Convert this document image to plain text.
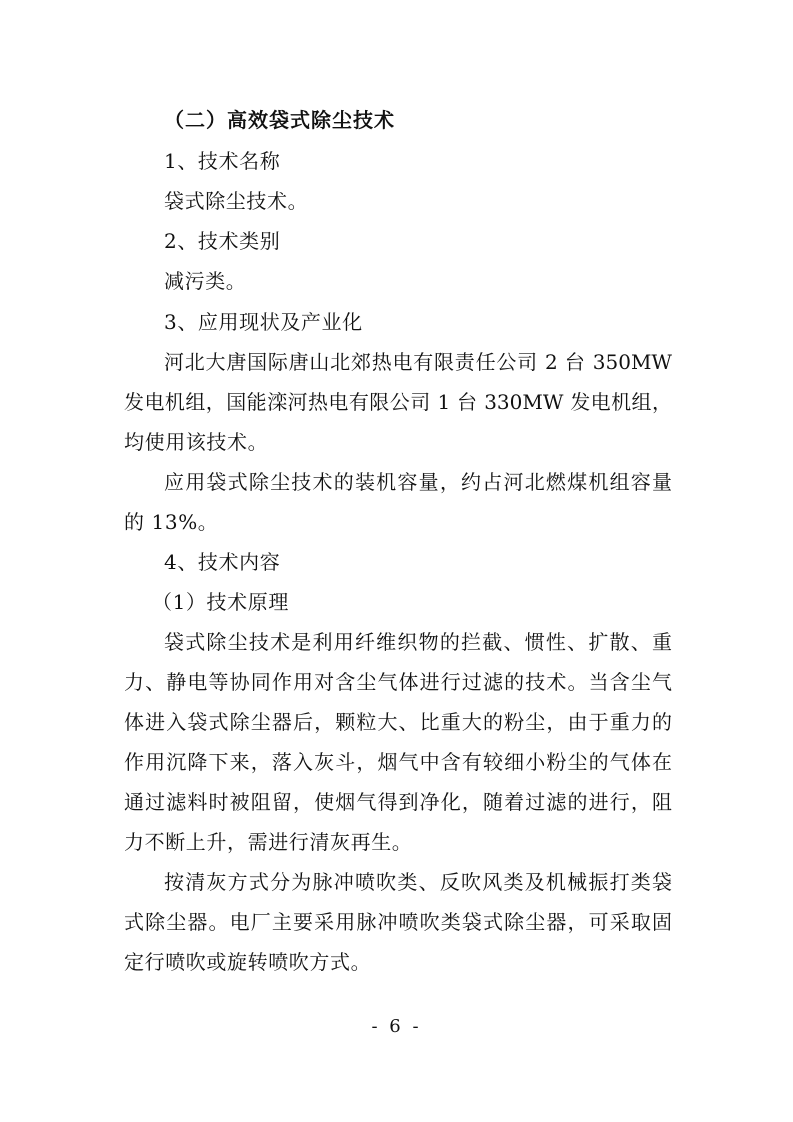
（二）高效袋式除尘技术
1、技术名称
袋式除尘技术。
2、技术类别
减污类。
3、应用现状及产业化
河北大唐国际唐山北郊热电有限责任公司 2 台 350MW
发电机组，国能滦河热电有限公司 1 台 330MW 发电机组，
均使用该技术。
应用袋式除尘技术的装机容量，约占河北燃煤机组容量
的 13%。
4、技术内容
（1）技术原理
袋式除尘技术是利用纤维织物的拦截、惯性、扩散、重
力、静电等协同作用对含尘气体进行过滤的技术。当含尘气
体进入袋式除尘器后，颗粒大、比重大的粉尘，由于重力的
作用沉降下来，落入灰斗，烟气中含有较细小粉尘的气体在
通过滤料时被阻留，使烟气得到净化，随着过滤的进行，阻
力不断上升，需进行清灰再生。
按清灰方式分为脉冲喷吹类、反吹风类及机械振打类袋
式除尘器。电厂主要采用脉冲喷吹类袋式除尘器，可采取固
定行喷吹或旋转喷吹方式。
- 6 -
